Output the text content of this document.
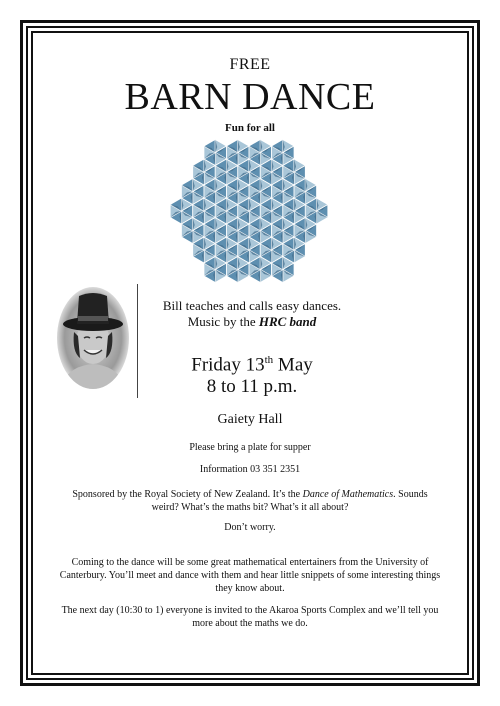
FREE
BARN DANCE
Fun for all
Bill teaches and calls easy dances.
Music by the HRC band
Friday 13th May
8 to 11 p.m.
Gaiety Hall
Please bring a plate for supper
Information 03 351 2351
Sponsored by the Royal Society of New Zealand. It’s the Dance of Mathematics. Sounds weird? What’s the maths bit? What’s it all about?
Don’t worry.
Coming to the dance will be some great mathematical entertainers from the University of Canterbury. You’ll meet and dance with them and hear little snippets of some interesting things they know about.
The next day (10:30 to 1) everyone is invited to the Akaroa Sports Complex and we’ll tell you more about the maths we do.
